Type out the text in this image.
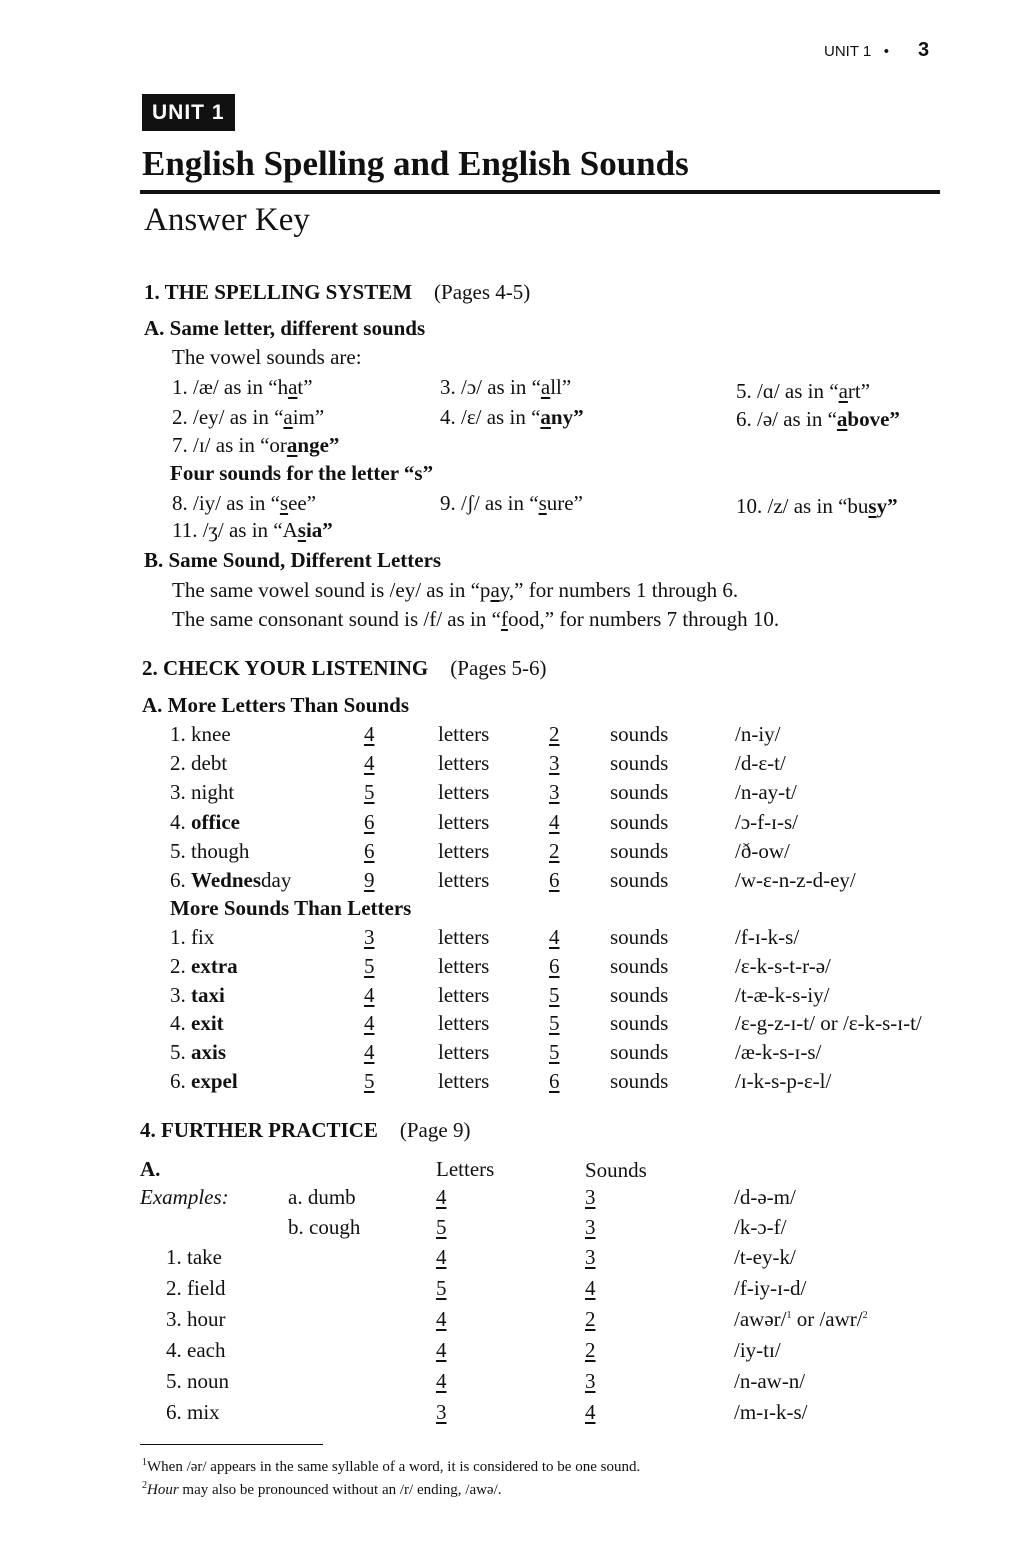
UNIT 1 • 3
UNIT 1
English Spelling and English Sounds
Answer Key
1. THE SPELLING SYSTEM (Pages 4-5)
A. Same letter, different sounds
The vowel sounds are:
1. /æ/ as in “hat”	3. /ɔ/ as in “all”	5. /ɑ/ as in “art”
2. /ey/ as in “aim”	4. /ɛ/ as in “any”	6. /ə/ as in “above”
7. /ɪ/ as in “orange”
Four sounds for the letter “s”
8. /iy/ as in “see”	9. /ʃ/ as in “sure”	10. /z/ as in “busy”
11. /ʒ/ as in “Asia”
B. Same Sound, Different Letters
The same vowel sound is /ey/ as in “pay,” for numbers 1 through 6.
The same consonant sound is /f/ as in “food,” for numbers 7 through 10.
2. CHECK YOUR LISTENING (Pages 5-6)
A. More Letters Than Sounds
1. knee	4	letters	2 sounds	/n-iy/
2. debt	4	letters	3 sounds	/d-ɛ-t/
3. night	5	letters	3 sounds	/n-ay-t/
4. office	6	letters	4 sounds	/ɔ-f-ɪ-s/
5. though	6	letters	2 sounds	/ð-ow/
6. Wednesday	9	letters	6 sounds	/w-ɛ-n-z-d-ey/
More Sounds Than Letters
1. fix	3	letters	4 sounds	/f-ɪ-k-s/
2. extra	5	letters	6 sounds	/ɛ-k-s-t-r-ə/
3. taxi	4	letters	5 sounds	/t-æ-k-s-iy/
4. exit	4	letters	5 sounds	/ɛ-g-z-ɪ-t/ or /ɛ-k-s-ɪ-t/
5. axis	4	letters	5 sounds	/æ-k-s-ɪ-s/
6. expel	5	letters	6 sounds	/ɪ-k-s-p-ɛ-l/
4. FURTHER PRACTICE (Page 9)
A.	Letters	Sounds
Examples:	a. dumb	4	3	/d-ə-m/
b. cough	5	3	/k-ɔ-f/
1. take	4	3	/t-ey-k/
2. field	5	4	/f-iy-ɪ-d/
3. hour	4	2	/awər/$^1$ or /awr/$^2$
4. each	4	2	/iy-tɪ/
5. noun	4	3	/n-aw-n/
6. mix	3	4	/m-ɪ-k-s/
$^1$When /ər/ appears in the same syllable of a word, it is considered to be one sound.
$^2$Hour may also be pronounced without an /r/ ending, /awə/.
